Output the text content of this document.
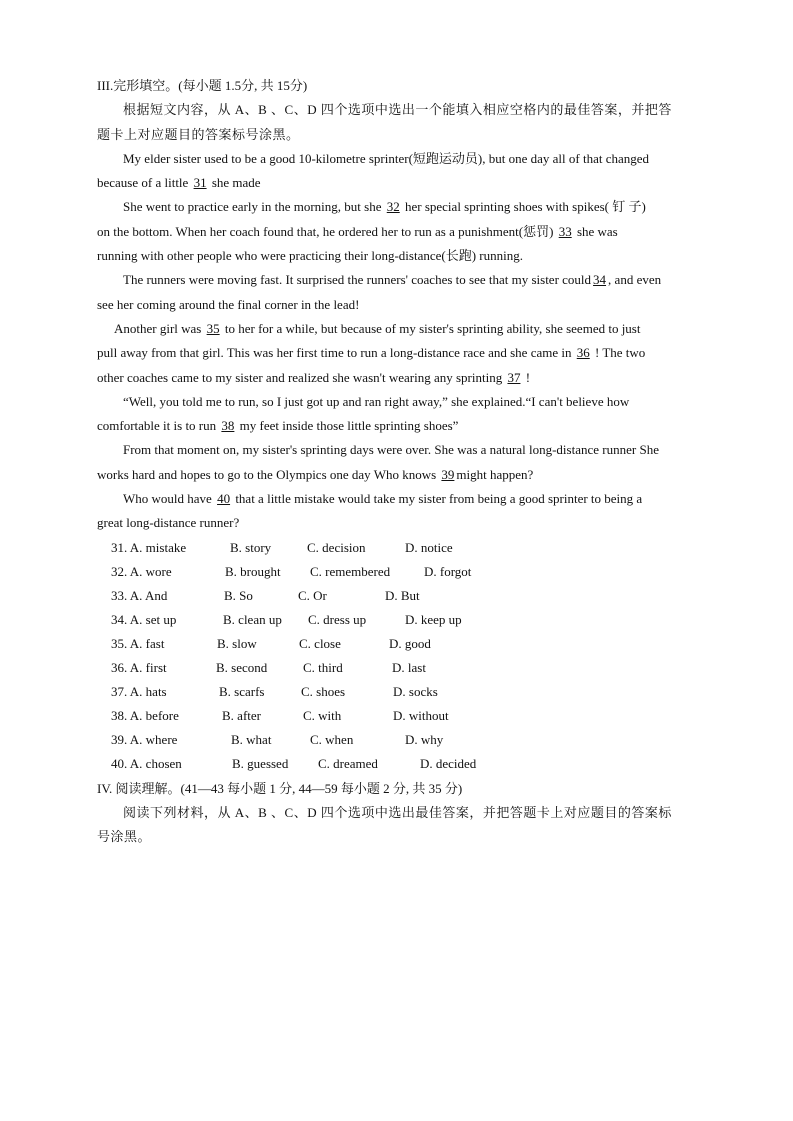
III.完形填空。(每小题 1.5分, 共 15分)
根据短文内容，从 A、B 、C、D 四个选项中选出一个能填入相应空格内的最佳答案，并把答
题卡上对应题目的答案标号涂黑。
My elder sister used to be a good 10-kilometre sprinter(短跑运动员), but one day all of that changed
because of a little 31 she made
She went to practice early in the morning, but she 32 her special sprinting shoes with spikes( 钉 子)
on the bottom. When her coach found that, he ordered her to run as a punishment(惩罚) 33 she was
running with other people who were practicing their long-distance(长跑) running.
The runners were moving fast. It surprised the runners' coaches to see that my sister could 34 , and even
see her coming around the final corner in the lead!
Another girl was 35 to her for a while, but because of my sister's sprinting ability, she seemed to just
pull away from that girl. This was her first time to run a long-distance race and she came in 36 ! The two
other coaches came to my sister and realized she wasn't wearing any sprinting 37 !
“Well, you told me to run, so I just got up and ran right away,” she explained.“I can't believe how
comfortable it is to run 38 my feet inside those little sprinting shoes”
From that moment on, my sister's sprinting days were over. She was a natural long-distance runner She
works hard and hopes to go to the Olympics one day Who knows 39 might happen?
Who would have 40 that a little mistake would take my sister from being a good sprinter to being a
great long-distance runner?
31. A. mistake	B. story	C. decision	D. notice
32. A. wore	B. brought C. remembered	D. forgot
33. A. And	B. So	C. Or	D. But
34. A. set up	B. clean up C. dress up	D. keep up
35. A. fast	B. slow	C. close	D. good
36. A. first	B. second	C. third	D. last
37. A. hats	B. scarfs	C. shoes	D. socks
38. A. before	B. after	C. with	D. without
39. A. where	B. what	C. when	D. why
40. A. chosen	B. guessed C. dreamed	D. decided
IV. 阅读理解。(41—43 每小题 1 分, 44—59 每小题 2 分, 共 35 分)
阅读下列材料，从 A、B 、C、D 四个选项中选出最佳答案，并把答题卡上对应题目的答案标
号涂黑。
